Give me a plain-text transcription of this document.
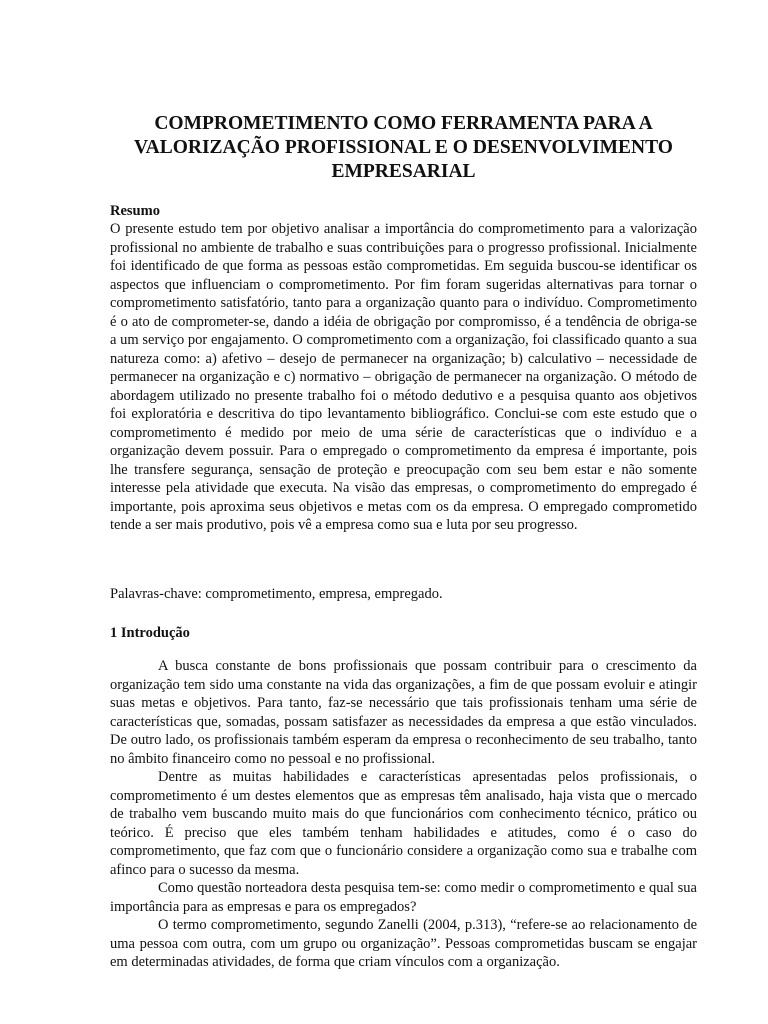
COMPROMETIMENTO COMO FERRAMENTA PARA A
VALORIZAÇÃO PROFISSIONAL E O DESENVOLVIMENTO
EMPRESARIAL
Resumo

O presente estudo tem por objetivo analisar a importância do comprometimento para a valorização profissional no ambiente de trabalho e suas contribuições para o progresso profissional. Inicialmente foi identificado de que forma as pessoas estão comprometidas. Em seguida buscou-se identificar os aspectos que influenciam o comprometimento. Por fim foram sugeridas alternativas para tornar o comprometimento satisfatório, tanto para a organização quanto para o indivíduo. Comprometimento é o ato de comprometer-se, dando a idéia de obrigação por compromisso, é a tendência de obriga-se a um serviço por engajamento. O comprometimento com a organização, foi classificado quanto a sua natureza como: a) afetivo – desejo de permanecer na organização; b) calculativo – necessidade de permanecer na organização e c) normativo – obrigação de permanecer na organização. O método de abordagem utilizado no presente trabalho foi o método dedutivo e a pesquisa quanto aos objetivos foi exploratória e descritiva do tipo levantamento bibliográfico. Conclui-se com este estudo que o comprometimento é medido por meio de uma série de características que o indivíduo e a organização devem possuir. Para o empregado o comprometimento da empresa é importante, pois lhe transfere segurança, sensação de proteção e preocupação com seu bem estar e não somente interesse pela atividade que executa. Na visão das empresas, o comprometimento do empregado é importante, pois aproxima seus objetivos e metas com os da empresa. O empregado comprometido tende a ser mais produtivo, pois vê a empresa como sua e luta por seu progresso.

Palavras-chave: comprometimento, empresa, empregado.

1 Introdução

A busca constante de bons profissionais que possam contribuir para o crescimento da organização tem sido uma constante na vida das organizações, a fim de que possam evoluir e atingir suas metas e objetivos. Para tanto, faz-se necessário que tais profissionais tenham uma série de características que, somadas, possam satisfazer as necessidades da empresa a que estão vinculados. De outro lado, os profissionais também esperam da empresa o reconhecimento de seu trabalho, tanto no âmbito financeiro como no pessoal e no profissional.

Dentre as muitas habilidades e características apresentadas pelos profissionais, o comprometimento é um destes elementos que as empresas têm analisado, haja vista que o mercado de trabalho vem buscando muito mais do que funcionários com conhecimento técnico, prático ou teórico. É preciso que eles também tenham habilidades e atitudes, como é o caso do comprometimento, que faz com que o funcionário considere a organização como sua e trabalhe com afinco para o sucesso da mesma.

Como questão norteadora desta pesquisa tem-se: como medir o comprometimento e qual sua importância para as empresas e para os empregados?

O termo comprometimento, segundo Zanelli (2004, p.313), “refere-se ao relacionamento de uma pessoa com outra, com um grupo ou organização”. Pessoas comprometidas buscam se engajar em determinadas atividades, de forma que criam vínculos com a organização.
